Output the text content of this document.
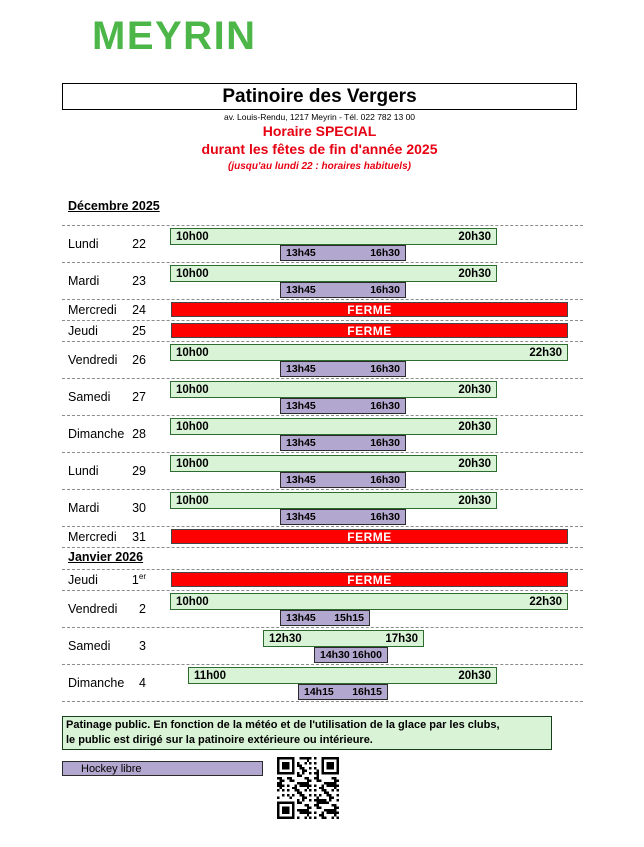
MEYRIN
Patinoire des Vergers
av. Louis-Rendu, 1217 Meyrin - Tél. 022 782 13 00
Horaire SPECIAL
durant les fêtes de fin d'année 2025
(jusqu'au lundi 22 : horaires habituels)
Décembre 2025
Lundi	22	10h00	20h30
13h45	16h30
Mardi	23	10h00	20h30
13h45	16h30
Mercredi 24	FERME
Jeudi	25	FERME
Vendredi 26	10h00	22h30
13h45	16h30
Samedi 27	10h00	20h30
13h45	16h30
Dimanche 28	10h00	20h30
13h45	16h30
Lundi	29	10h00	20h30
13h45	16h30
Mardi	30	10h00	20h30
13h45	16h30
Mercredi 31	FERME
Janvier 2026
Jeudi	1er	FERME
Vendredi 2	10h00	22h30
13h45 15h15
Samedi 3	12h30	17h30
14h30 16h00
Dimanche 4	11h00	20h30
14h15 16h15
Patinage public. En fonction de la météo et de l'utilisation de la glace par les clubs,
le public est dirigé sur la patinoire extérieure ou intérieure.
Hockey libre
